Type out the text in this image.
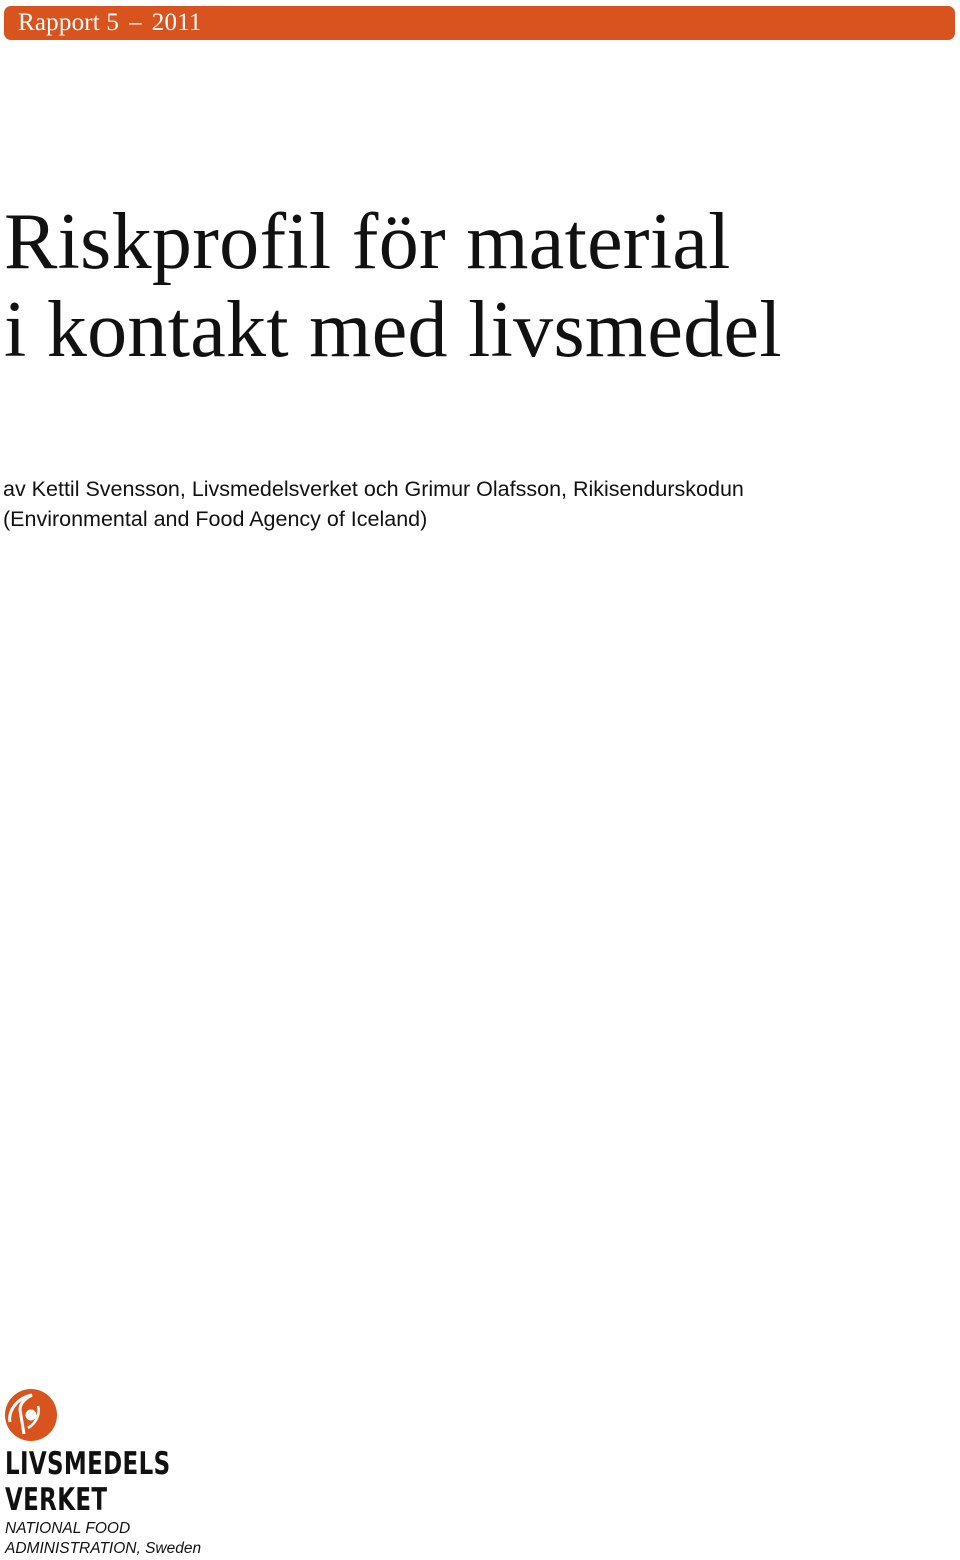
Rapport 5 – 2011
Riskprofil för material
i kontakt med livsmedel
av Kettil Svensson, Livsmedelsverket och Grimur Olafsson, Rikisendurskodun
(Environmental and Food Agency of Iceland)
LIVSMEDELS
VERKET
NATIONAL FOOD
ADMINISTRATION, Sweden
